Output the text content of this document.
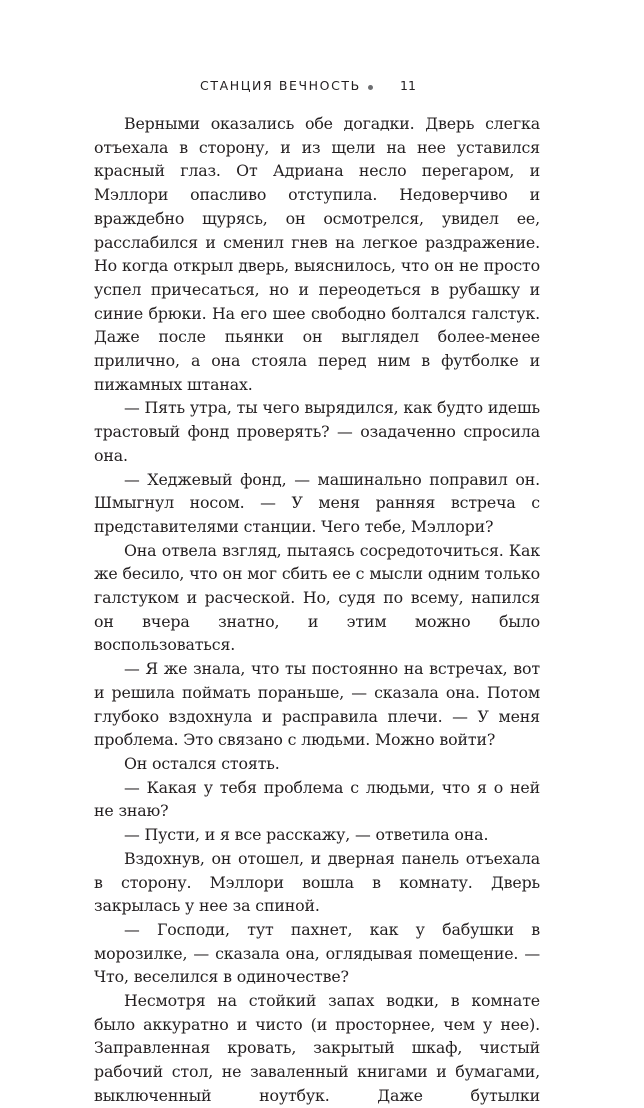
СТАНЦИЯ ВЕЧНОСТЬ	11

Верными оказались обе догадки. Дверь слегка отъехала в сторону, и из щели на нее уставился красный глаз. От Адриана несло перегаром, и Мэллори опасливо отступила. Недоверчиво и враждебно щурясь, он осмотрелся, увидел ее, расслабился и сменил гнев на легкое раздражение. Но когда открыл дверь, выяснилось, что он не просто успел причесаться, но и переодеться в рубашку и синие брюки. На его шее свободно болтался галстук. Даже после пьянки он выглядел более-менее прилично, а она стояла перед ним в футболке и пижамных штанах.

— Пять утра, ты чего вырядился, как будто идешь трастовый фонд проверять? — озадаченно спросила она.

— Хеджевый фонд, — машинально поправил он. Шмыгнул носом. — У меня ранняя встреча с представителями станции. Чего тебе, Мэллори?

Она отвела взгляд, пытаясь сосредоточиться. Как же бесило, что он мог сбить ее с мысли одним только галстуком и расческой. Но, судя по всему, напился он вчера знатно, и этим можно было воспользоваться.

— Я же знала, что ты постоянно на встречах, вот и решила поймать пораньше, — сказала она. Потом глубоко вздохнула и расправила плечи. — У меня проблема. Это связано с людьми. Можно войти?

Он остался стоять.

— Какая у тебя проблема с людьми, что я о ней не знаю?

— Пусти, и я все расскажу, — ответила она.

Вздохнув, он отошел, и дверная панель отъехала в сторону. Мэллори вошла в комнату. Дверь закрылась у нее за спиной.

— Господи, тут пахнет, как у бабушки в морозилке, — сказала она, оглядывая помещение. — Что, веселился в одиночестве?

Несмотря на стойкий запах водки, в комнате было аккуратно и чисто (и просторнее, чем у нее). Заправленная кровать, закрытый шкаф, чистый рабочий стол, не заваленный книгами и бумагами, выключенный ноутбук. Даже бутылки
